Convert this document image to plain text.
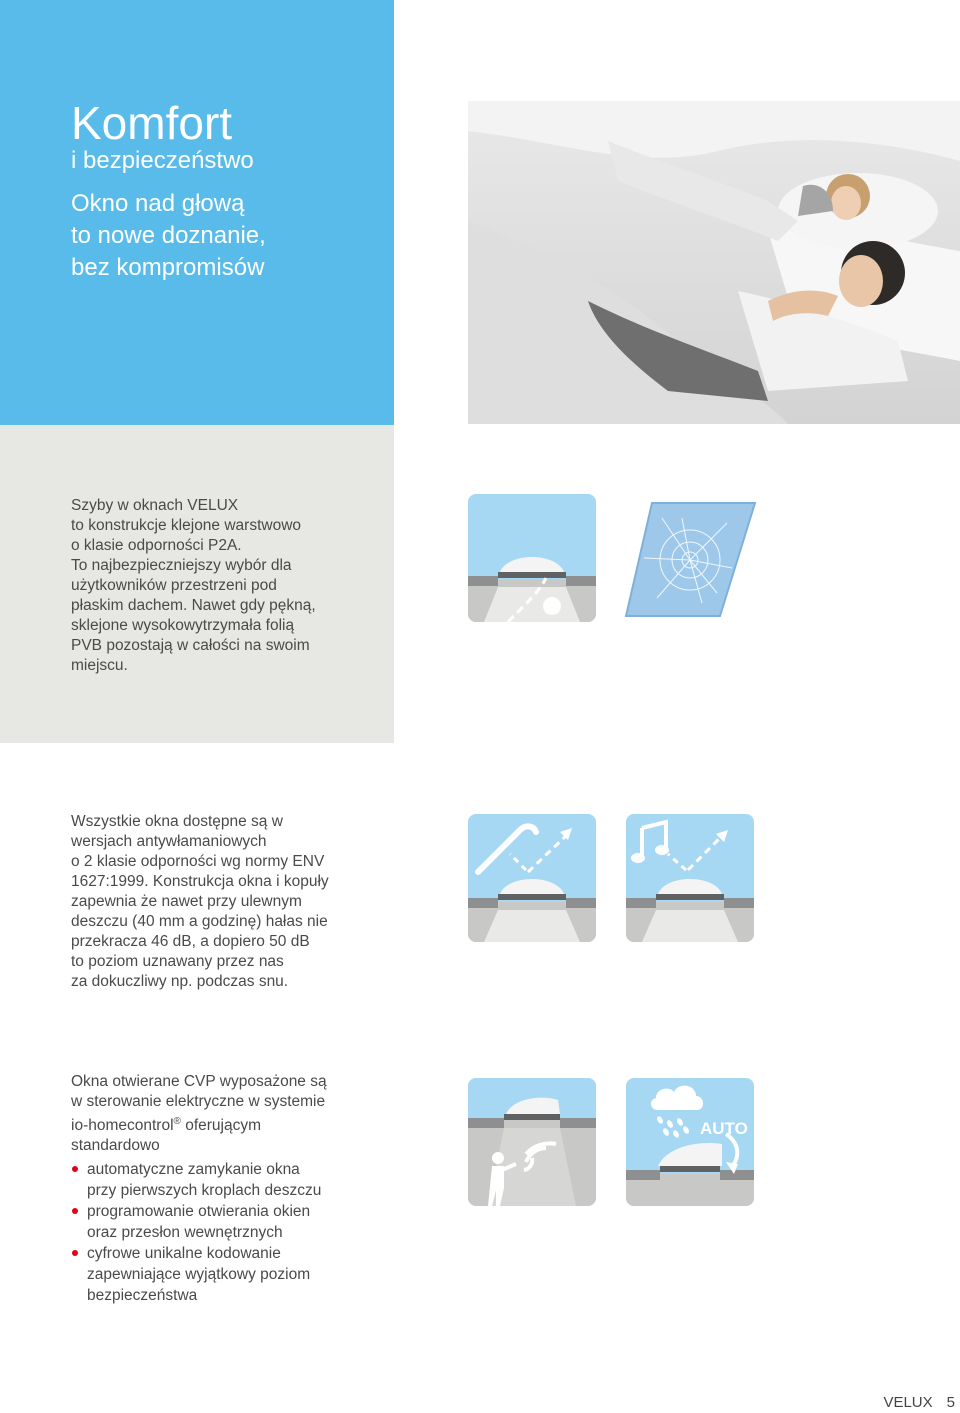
Komfort
i bezpieczeństwo
Okno nad głową
to nowe doznanie,
bez kompromisów
Szyby w oknach VELUX
to konstrukcje klejone warstwowo
o klasie odporności P2A.
To najbezpieczniejszy wybór dla
użytkowników przestrzeni pod
płaskim dachem. Nawet gdy pękną,
sklejone wysokowytrzymała folią
PVB pozostają w całości na swoim
miejscu.
Wszystkie okna dostępne są w
wersjach antywłamaniowych
o 2 klasie odporności wg normy ENV
1627:1999. Konstrukcja okna i kopuły
zapewnia że nawet przy ulewnym
deszczu (40 mm a godzinę) hałas nie
przekracza 46 dB, a dopiero 50 dB
to poziom uznawany przez nas
za dokuczliwy np. podczas snu.
Okna otwierane CVP wyposażone są
w sterowanie elektryczne w systemie
io-homecontrol® oferującym
standardowo
automatyczne zamykanie okna
przy pierwszych kroplach deszczu
programowanie otwierania okien
oraz przesłon wewnętrznych
cyfrowe unikalne kodowanie
zapewniające wyjątkowy poziom
bezpieczeństwa
AUTO
VELUX 5
